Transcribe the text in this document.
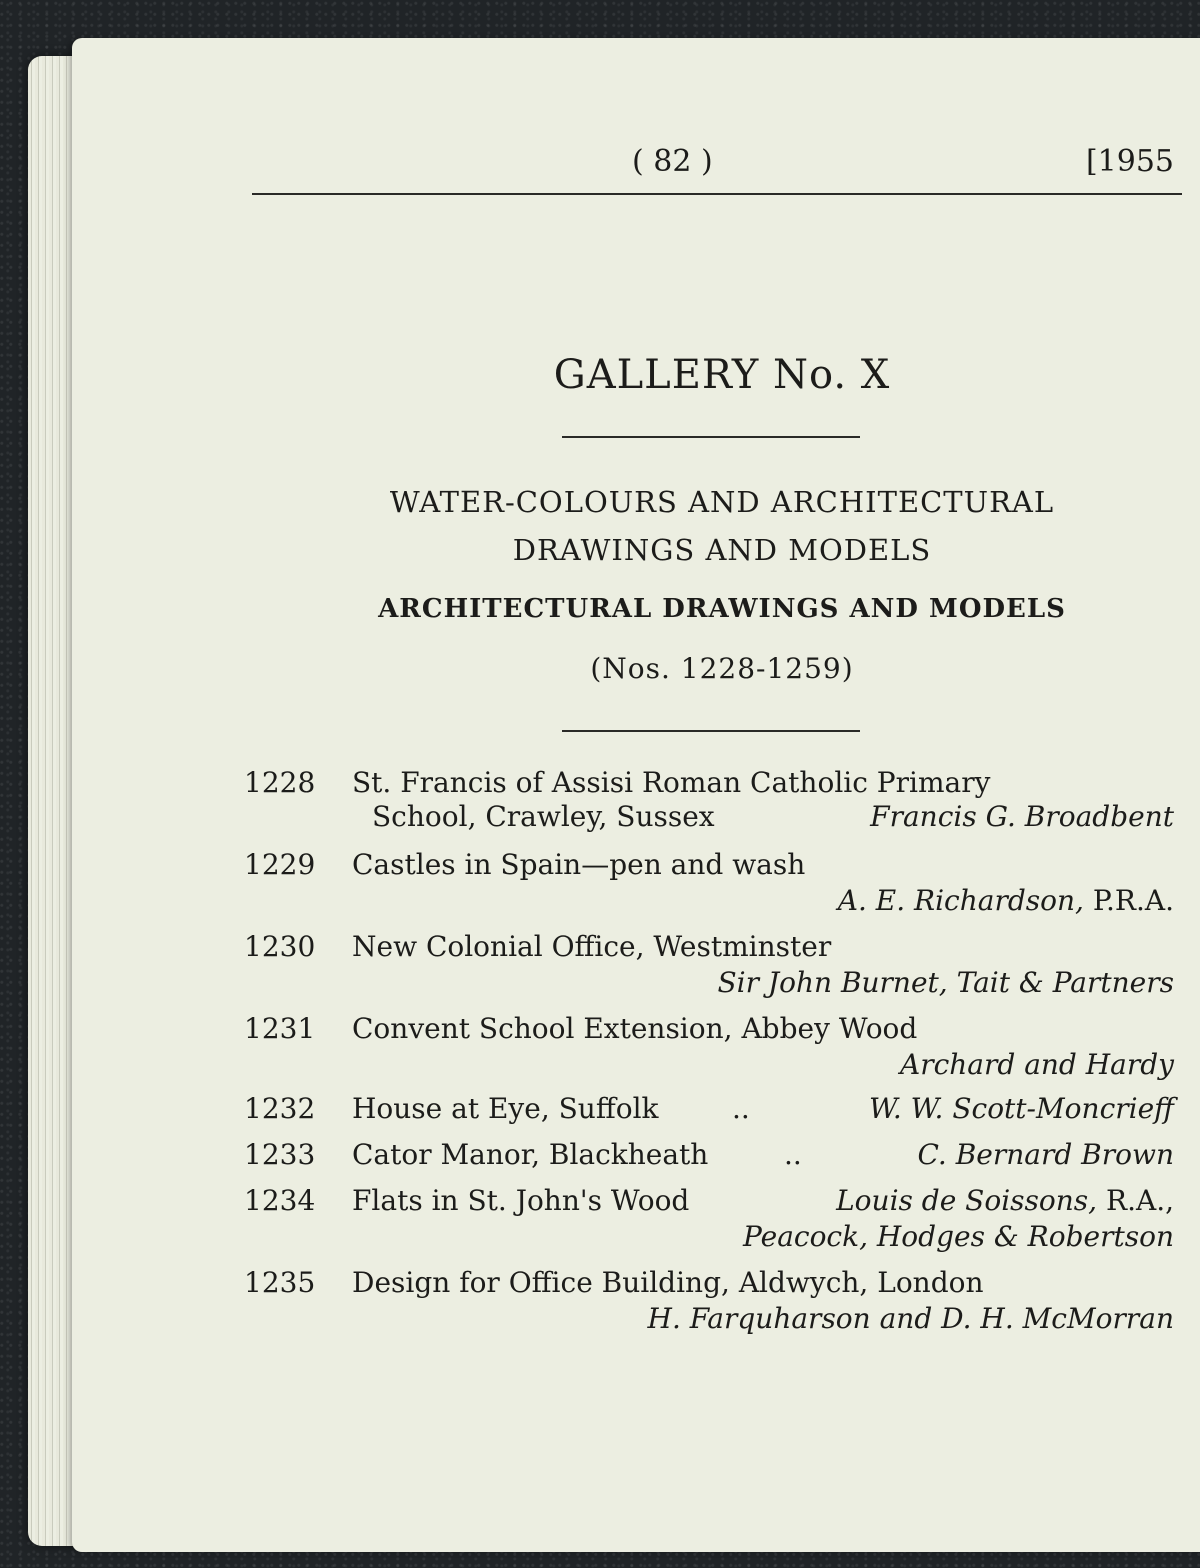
( 82 )	[1955
GALLERY No. X
WATER-COLOURS AND ARCHITECTURAL
DRAWINGS AND MODELS
ARCHITECTURAL DRAWINGS AND MODELS
(Nos. 1228-1259)
1228 St. Francis of Assisi Roman Catholic Primary
School, Crawley, Sussex	Francis G. Broadbent
1229 Castles in Spain—pen and wash
A. E. Richardson, P.R.A.
1230 New Colonial Office, Westminster
Sir John Burnet, Tait & Partners
1231 Convent School Extension, Abbey Wood
Archard and Hardy
1232 House at Eye, Suffolk	..	W. W. Scott-Moncrieff
1233 Cator Manor, Blackheath	..	C. Bernard Brown
1234 Flats in St. John's Wood	Louis de Soissons, R.A.,
Peacock, Hodges & Robertson
1235 Design for Office Building, Aldwych, London
H. Farquharson and D. H. McMorran
